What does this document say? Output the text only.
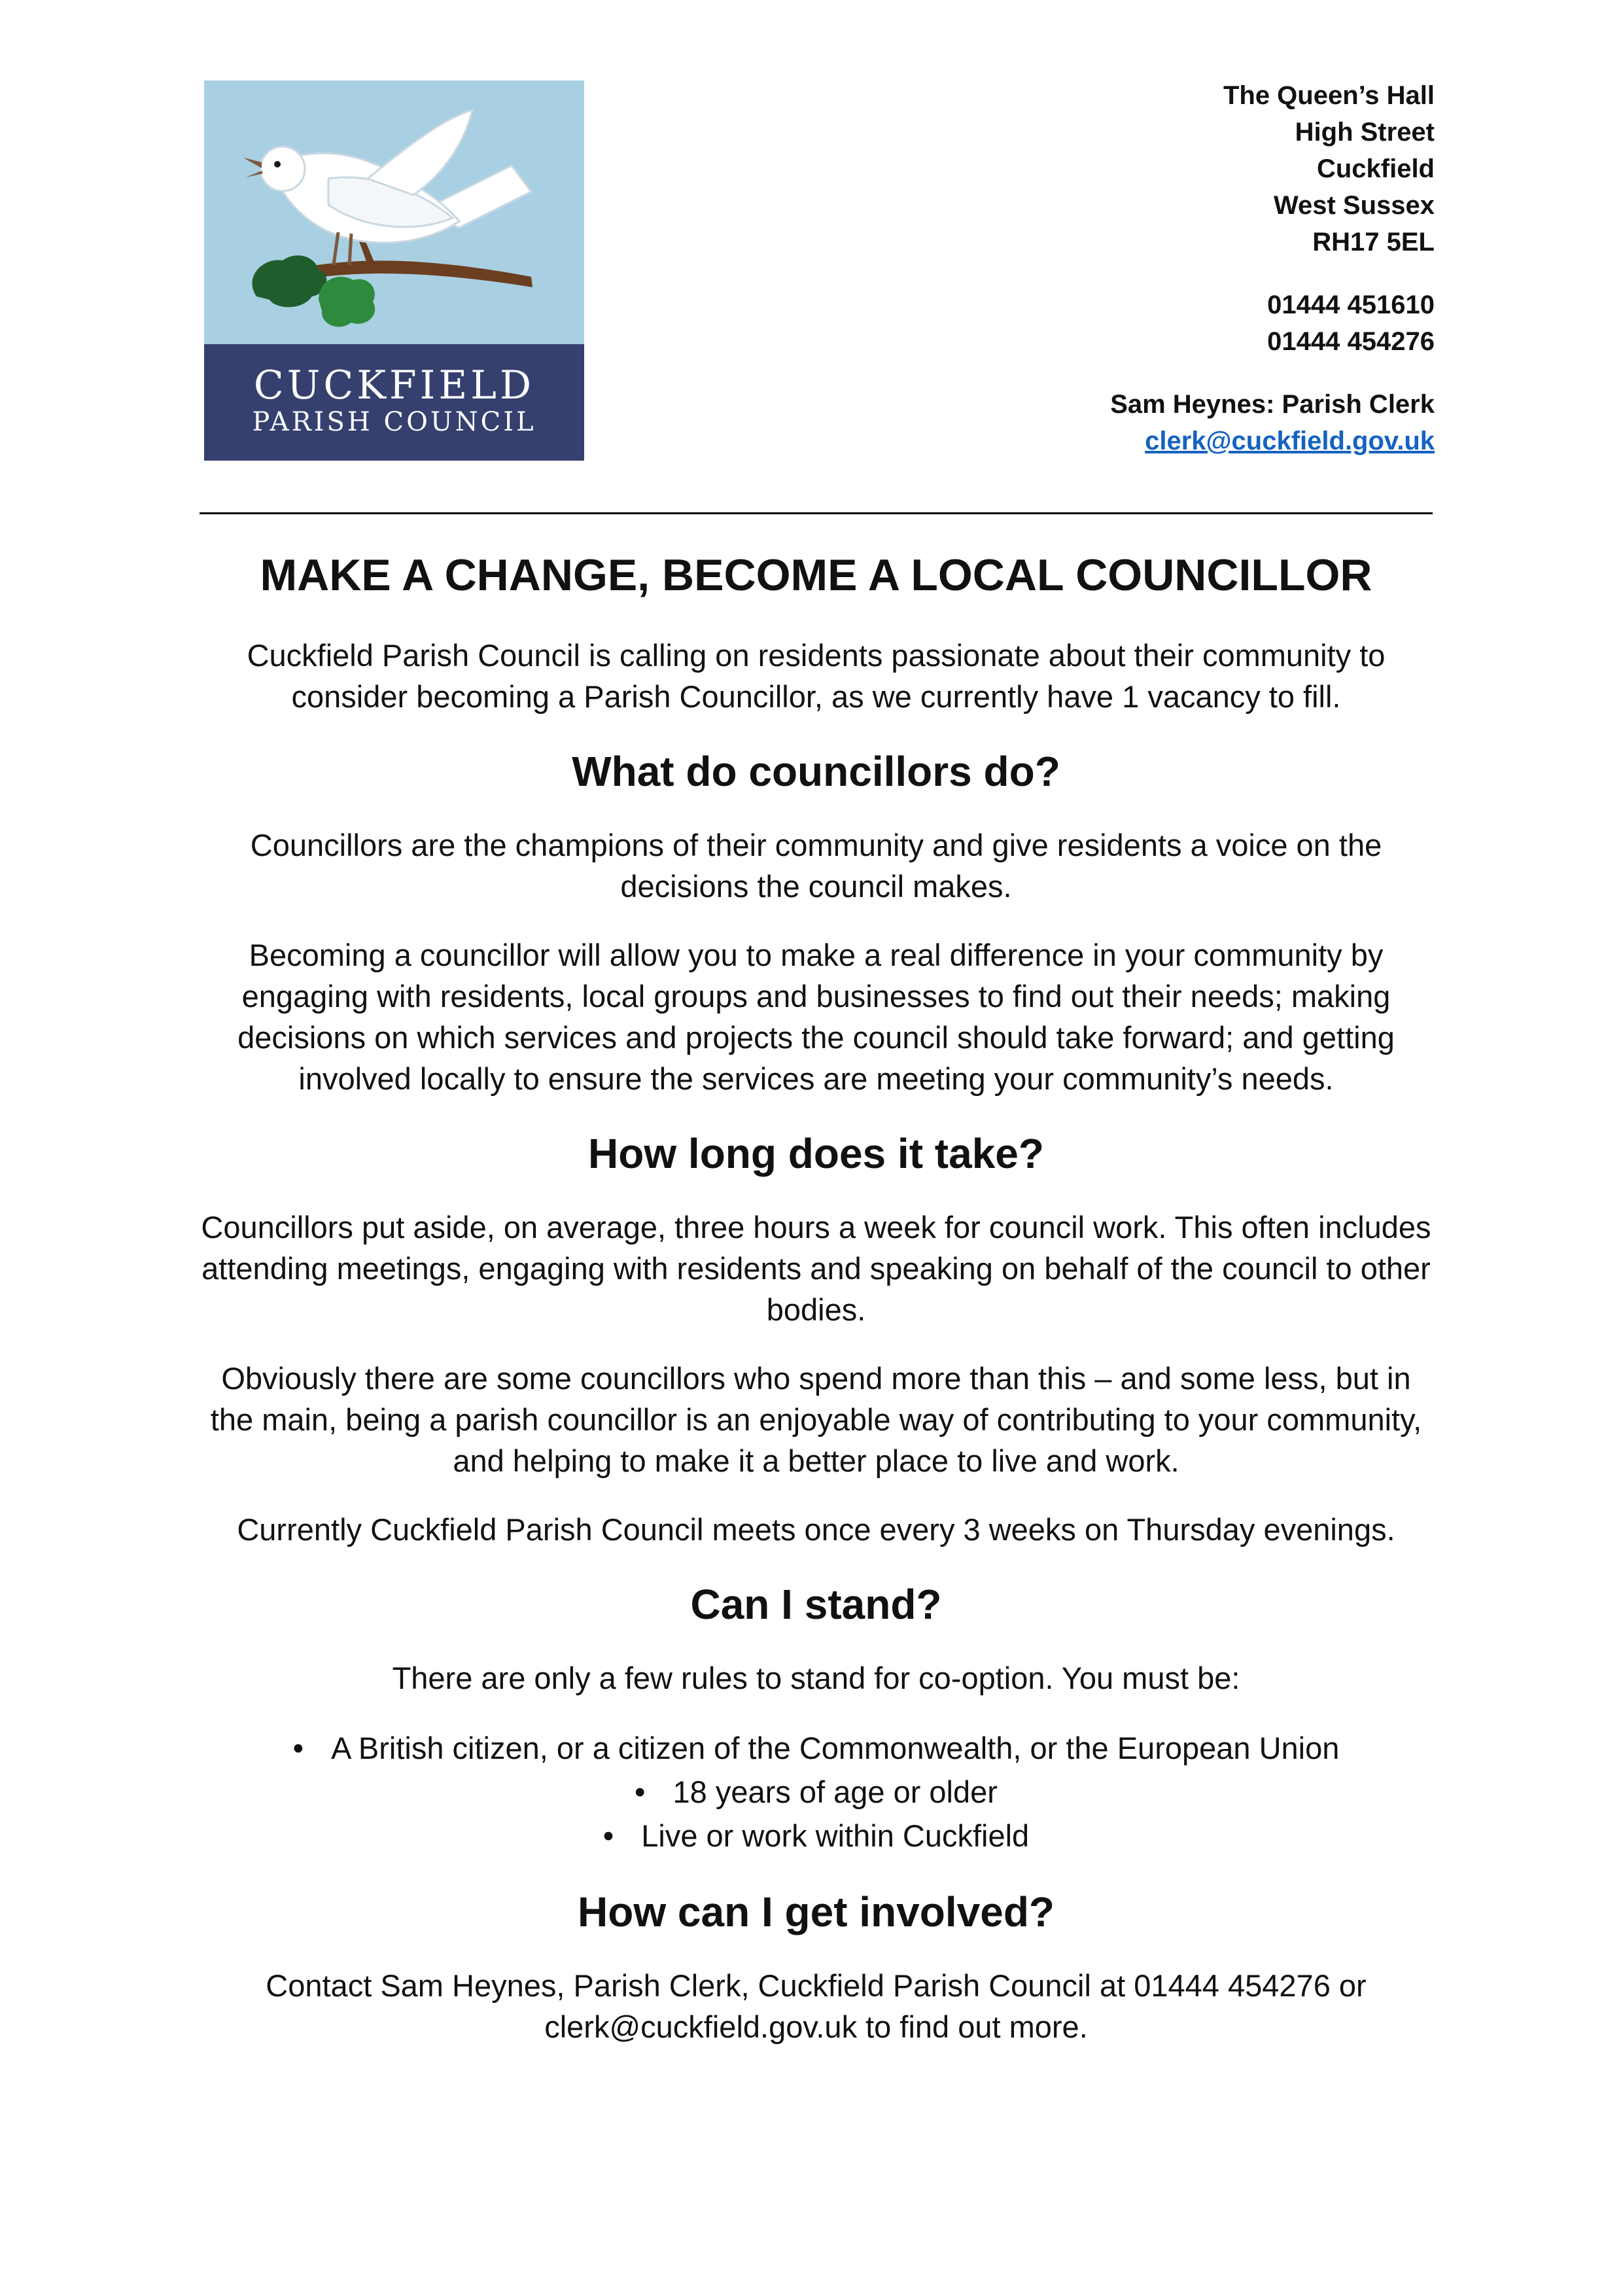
CUCKFIELD
PARISH COUNCIL
The Queen’s Hall
High Street
Cuckfield
West Sussex
RH17 5EL
01444 451610
01444 454276
Sam Heynes: Parish Clerk
clerk@cuckfield.gov.uk
MAKE A CHANGE, BECOME A LOCAL COUNCILLOR

Cuckfield Parish Council is calling on residents passionate about their community to consider becoming a Parish Councillor, as we currently have 1 vacancy to fill.

What do councillors do?

Councillors are the champions of their community and give residents a voice on the decisions the council makes.

Becoming a councillor will allow you to make a real difference in your community by engaging with residents, local groups and businesses to find out their needs; making decisions on which services and projects the council should take forward; and getting involved locally to ensure the services are meeting your community’s needs.

How long does it take?

Councillors put aside, on average, three hours a week for council work. This often includes attending meetings, engaging with residents and speaking on behalf of the council to other bodies.

Obviously there are some councillors who spend more than this – and some less, but in the main, being a parish councillor is an enjoyable way of contributing to your community, and helping to make it a better place to live and work.

Currently Cuckfield Parish Council meets once every 3 weeks on Thursday evenings.

Can I stand?

There are only a few rules to stand for co-option. You must be:

• A British citizen, or a citizen of the Commonwealth, or the European Union
• 18 years of age or older
• Live or work within Cuckfield
How can I get involved?

Contact Sam Heynes, Parish Clerk, Cuckfield Parish Council at 01444 454276 or clerk@cuckfield.gov.uk to find out more.
